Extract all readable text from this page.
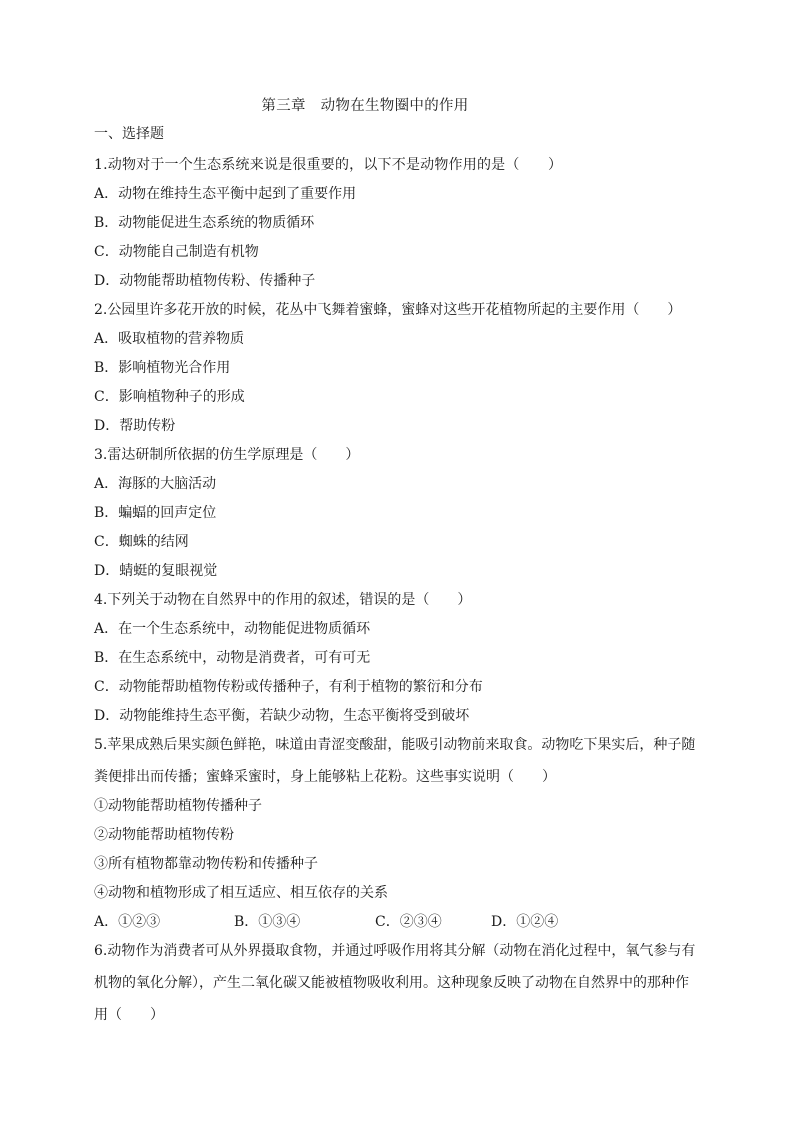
第三章　动物在生物圈中的作用
一、选择题
1.动物对于一个生态系统来说是很重要的，以下不是动物作用的是（　　）
A．动物在维持生态平衡中起到了重要作用
B．动物能促进生态系统的物质循环
C．动物能自己制造有机物
D．动物能帮助植物传粉、传播种子
2.公园里许多花开放的时候，花丛中飞舞着蜜蜂，蜜蜂对这些开花植物所起的主要作用（　　）
A．吸取植物的营养物质
B．影响植物光合作用
C．影响植物种子的形成
D．帮助传粉
3.雷达研制所依据的仿生学原理是（　　）
A．海豚的大脑活动
B．蝙蝠的回声定位
C．蜘蛛的结网
D．蜻蜓的复眼视觉
4.下列关于动物在自然界中的作用的叙述，错误的是（　　）
A．在一个生态系统中，动物能促进物质循环
B．在生态系统中，动物是消费者，可有可无
C．动物能帮助植物传粉或传播种子，有利于植物的繁衍和分布
D．动物能维持生态平衡，若缺少动物，生态平衡将受到破坏
5.苹果成熟后果实颜色鲜艳，味道由青涩变酸甜，能吸引动物前来取食。动物吃下果实后，种子随
粪便排出而传播；蜜蜂采蜜时，身上能够粘上花粉。这些事实说明（　　）
①动物能帮助植物传播种子
②动物能帮助植物传粉
③所有植物都靠动物传粉和传播种子
④动物和植物形成了相互适应、相互依存的关系
A．①②③	B．①③④	C．②③④	D．①②④
6.动物作为消费者可从外界摄取食物，并通过呼吸作用将其分解（动物在消化过程中，氧气参与有
机物的氧化分解），产生二氧化碳又能被植物吸收利用。这种现象反映了动物在自然界中的那种作
用（　　）
